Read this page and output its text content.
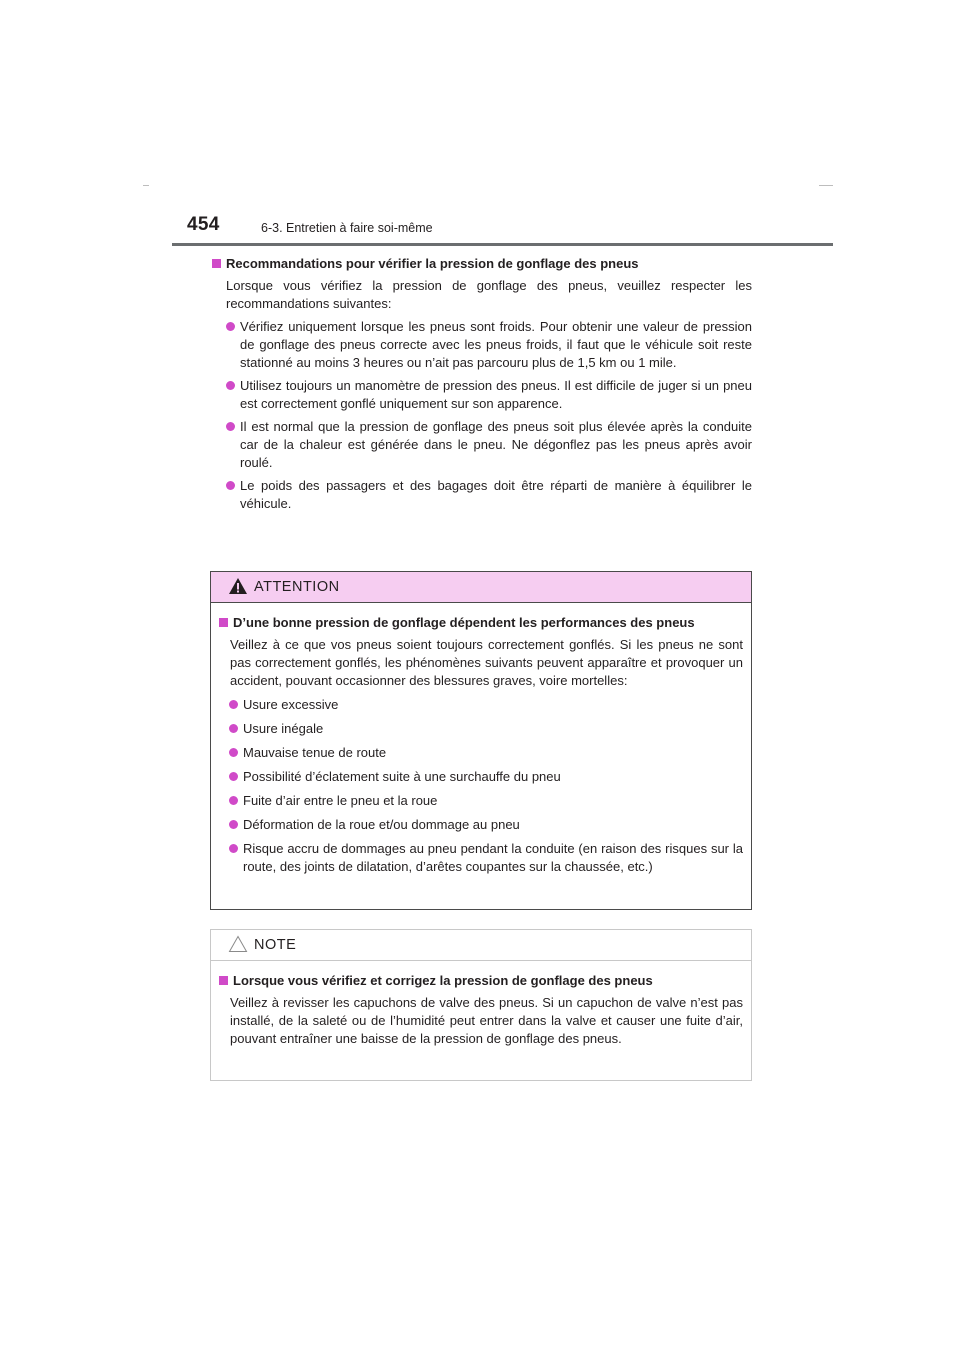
454	6-3. Entretien à faire soi-même
Recommandations pour vérifier la pression de gonflage des pneus
Lorsque vous vérifiez la pression de gonflage des pneus, veuillez respecter les recommandations suivantes:
Vérifiez uniquement lorsque les pneus sont froids. Pour obtenir une valeur de pression de gonflage des pneus correcte avec les pneus froids, il faut que le véhicule soit reste stationné au moins 3 heures ou n’ait pas parcouru plus de 1,5 km ou 1 mile.
Utilisez toujours un manomètre de pression des pneus. Il est difficile de juger si un pneu est correctement gonflé uniquement sur son apparence.
Il est normal que la pression de gonflage des pneus soit plus élevée après la conduite car de la chaleur est générée dans le pneu. Ne dégonflez pas les pneus après avoir roulé.
Le poids des passagers et des bagages doit être réparti de manière à équilibrer le véhicule.
ATTENTION
D’une bonne pression de gonflage dépendent les performances des pneus
Veillez à ce que vos pneus soient toujours correctement gonflés. Si les pneus ne sont pas correctement gonflés, les phénomènes suivants peuvent apparaître et provoquer un accident, pouvant occasionner des blessures graves, voire mortelles:
Usure excessive
Usure inégale
Mauvaise tenue de route
Possibilité d’éclatement suite à une surchauffe du pneu
Fuite d’air entre le pneu et la roue
Déformation de la roue et/ou dommage au pneu
Risque accru de dommages au pneu pendant la conduite (en raison des risques sur la route, des joints de dilatation, d’arêtes coupantes sur la chaussée, etc.)
NOTE
Lorsque vous vérifiez et corrigez la pression de gonflage des pneus
Veillez à revisser les capuchons de valve des pneus. Si un capuchon de valve n’est pas installé, de la saleté ou de l’humidité peut entrer dans la valve et causer une fuite d’air, pouvant entraîner une baisse de la pression de gonflage des pneus.
